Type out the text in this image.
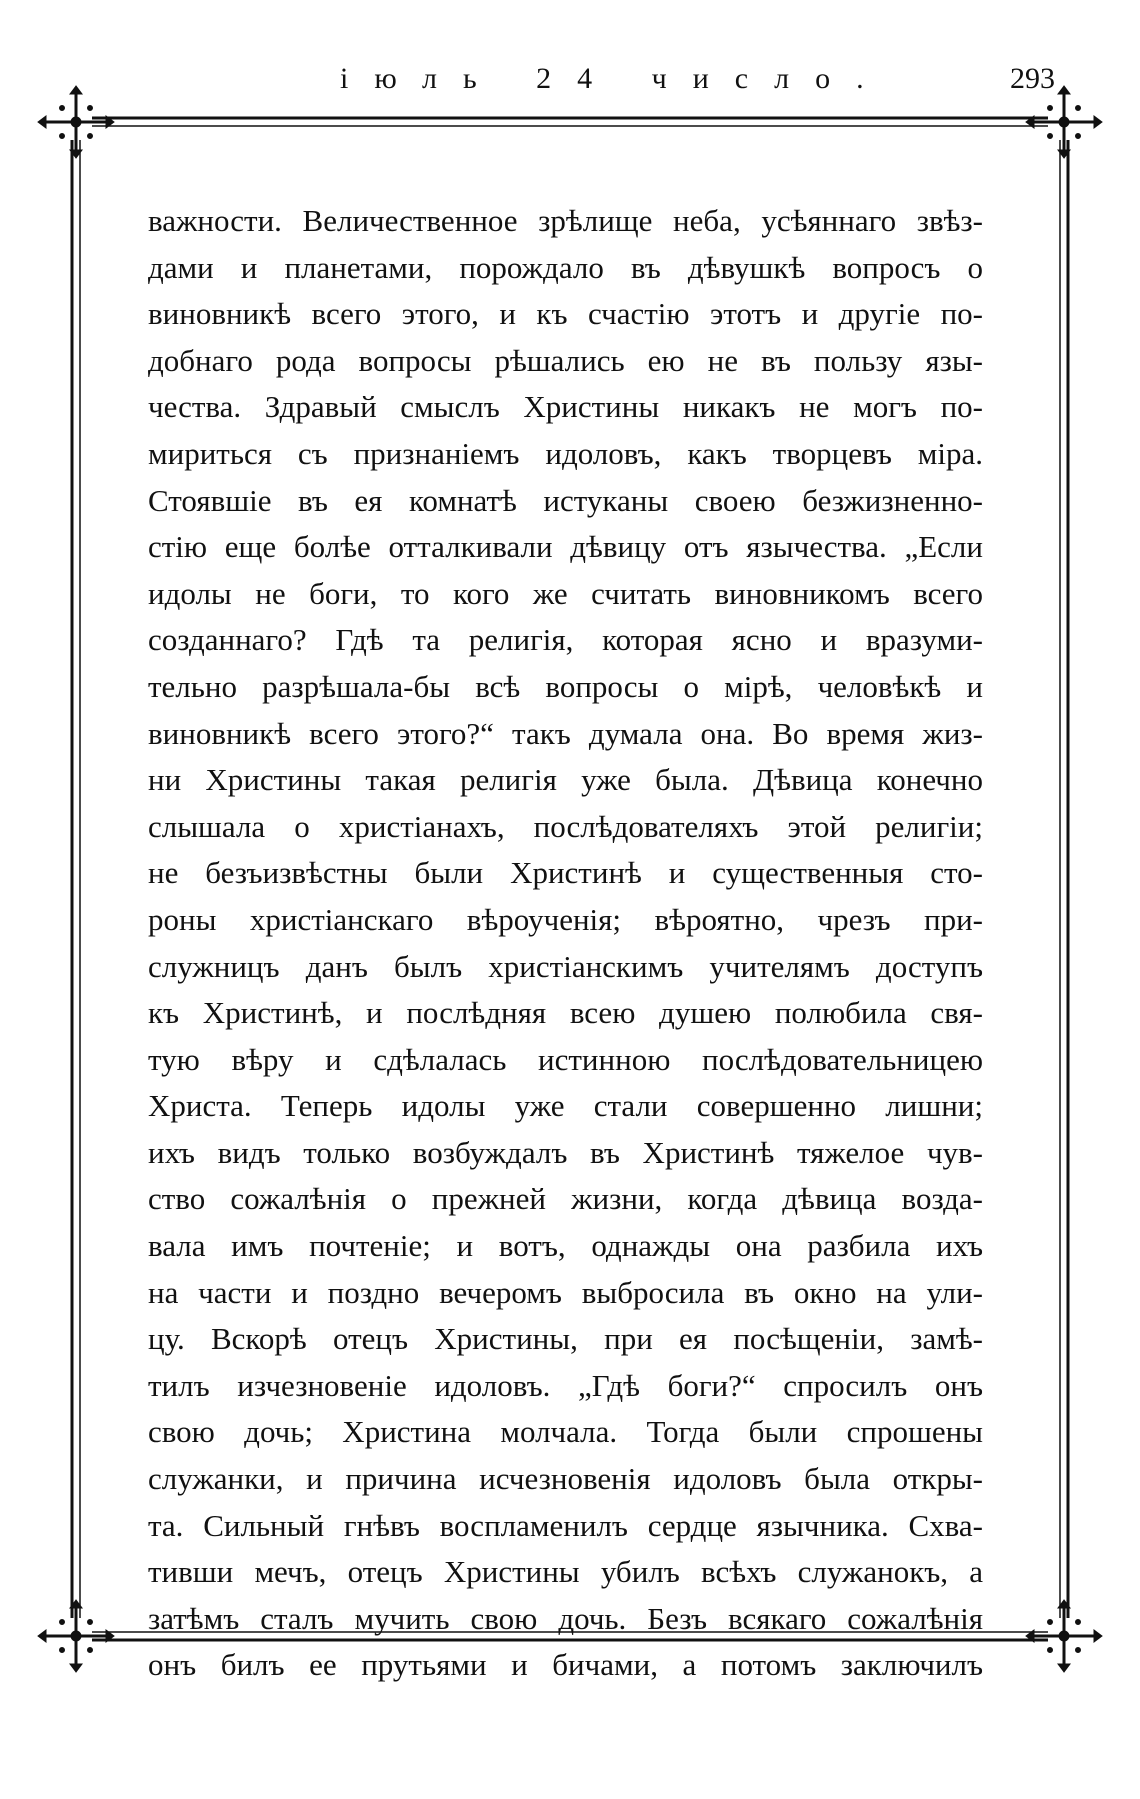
іюль 24 число.	293
важности. Величественное зрѣлище неба, усѣяннаго звѣз-
дами и планетами, порождало въ дѣвушкѣ вопросъ о
виновникѣ всего этого, и къ счастію этотъ и другіе по-
добнаго рода вопросы рѣшались ею не въ пользу язы-
чества. Здравый смыслъ Христины никакъ не могъ по-
мириться съ признаніемъ идоловъ, какъ творцевъ міра.
Стоявшіе въ ея комнатѣ истуканы своею безжизненно-
стію еще болѣе отталкивали дѣвицу отъ язычества. „Если
идолы не боги, то кого же считать виновникомъ всего
созданнаго? Гдѣ та религія, которая ясно и вразуми-
тельно разрѣшала-бы всѣ вопросы о мірѣ, человѣкѣ и
виновникѣ всего этого?“ такъ думала она. Во время жиз-
ни Христины такая религія уже была. Дѣвица конечно
слышала о христіанахъ, послѣдователяхъ этой религіи;
не безъизвѣстны были Христинѣ и существенныя сто-
роны христіанскаго вѣроученія; вѣроятно, чрезъ при-
служницъ данъ былъ христіанскимъ учителямъ доступъ
къ Христинѣ, и послѣдняя всею душею полюбила свя-
тую вѣру и сдѣлалась истинною послѣдовательницею
Христа. Теперь идолы уже стали совершенно лишни;
ихъ видъ только возбуждалъ въ Христинѣ тяжелое чув-
ство сожалѣнія о прежней жизни, когда дѣвица возда-
вала имъ почтеніе; и вотъ, однажды она разбила ихъ
на части и поздно вечеромъ выбросила въ окно на ули-
цу. Вскорѣ отецъ Христины, при ея посѣщеніи, замѣ-
тилъ изчезновеніе идоловъ. „Гдѣ боги?“ спросилъ онъ
свою дочь; Христина молчала. Тогда были спрошены
служанки, и причина исчезновенія идоловъ была откры-
та. Сильный гнѣвъ воспламенилъ сердце язычника. Схва-
тивши мечъ, отецъ Христины убилъ всѣхъ служанокъ, а
затѣмъ сталъ мучить свою дочь. Безъ всякаго сожалѣнія
онъ билъ ее прутьями и бичами, а потомъ заключилъ
